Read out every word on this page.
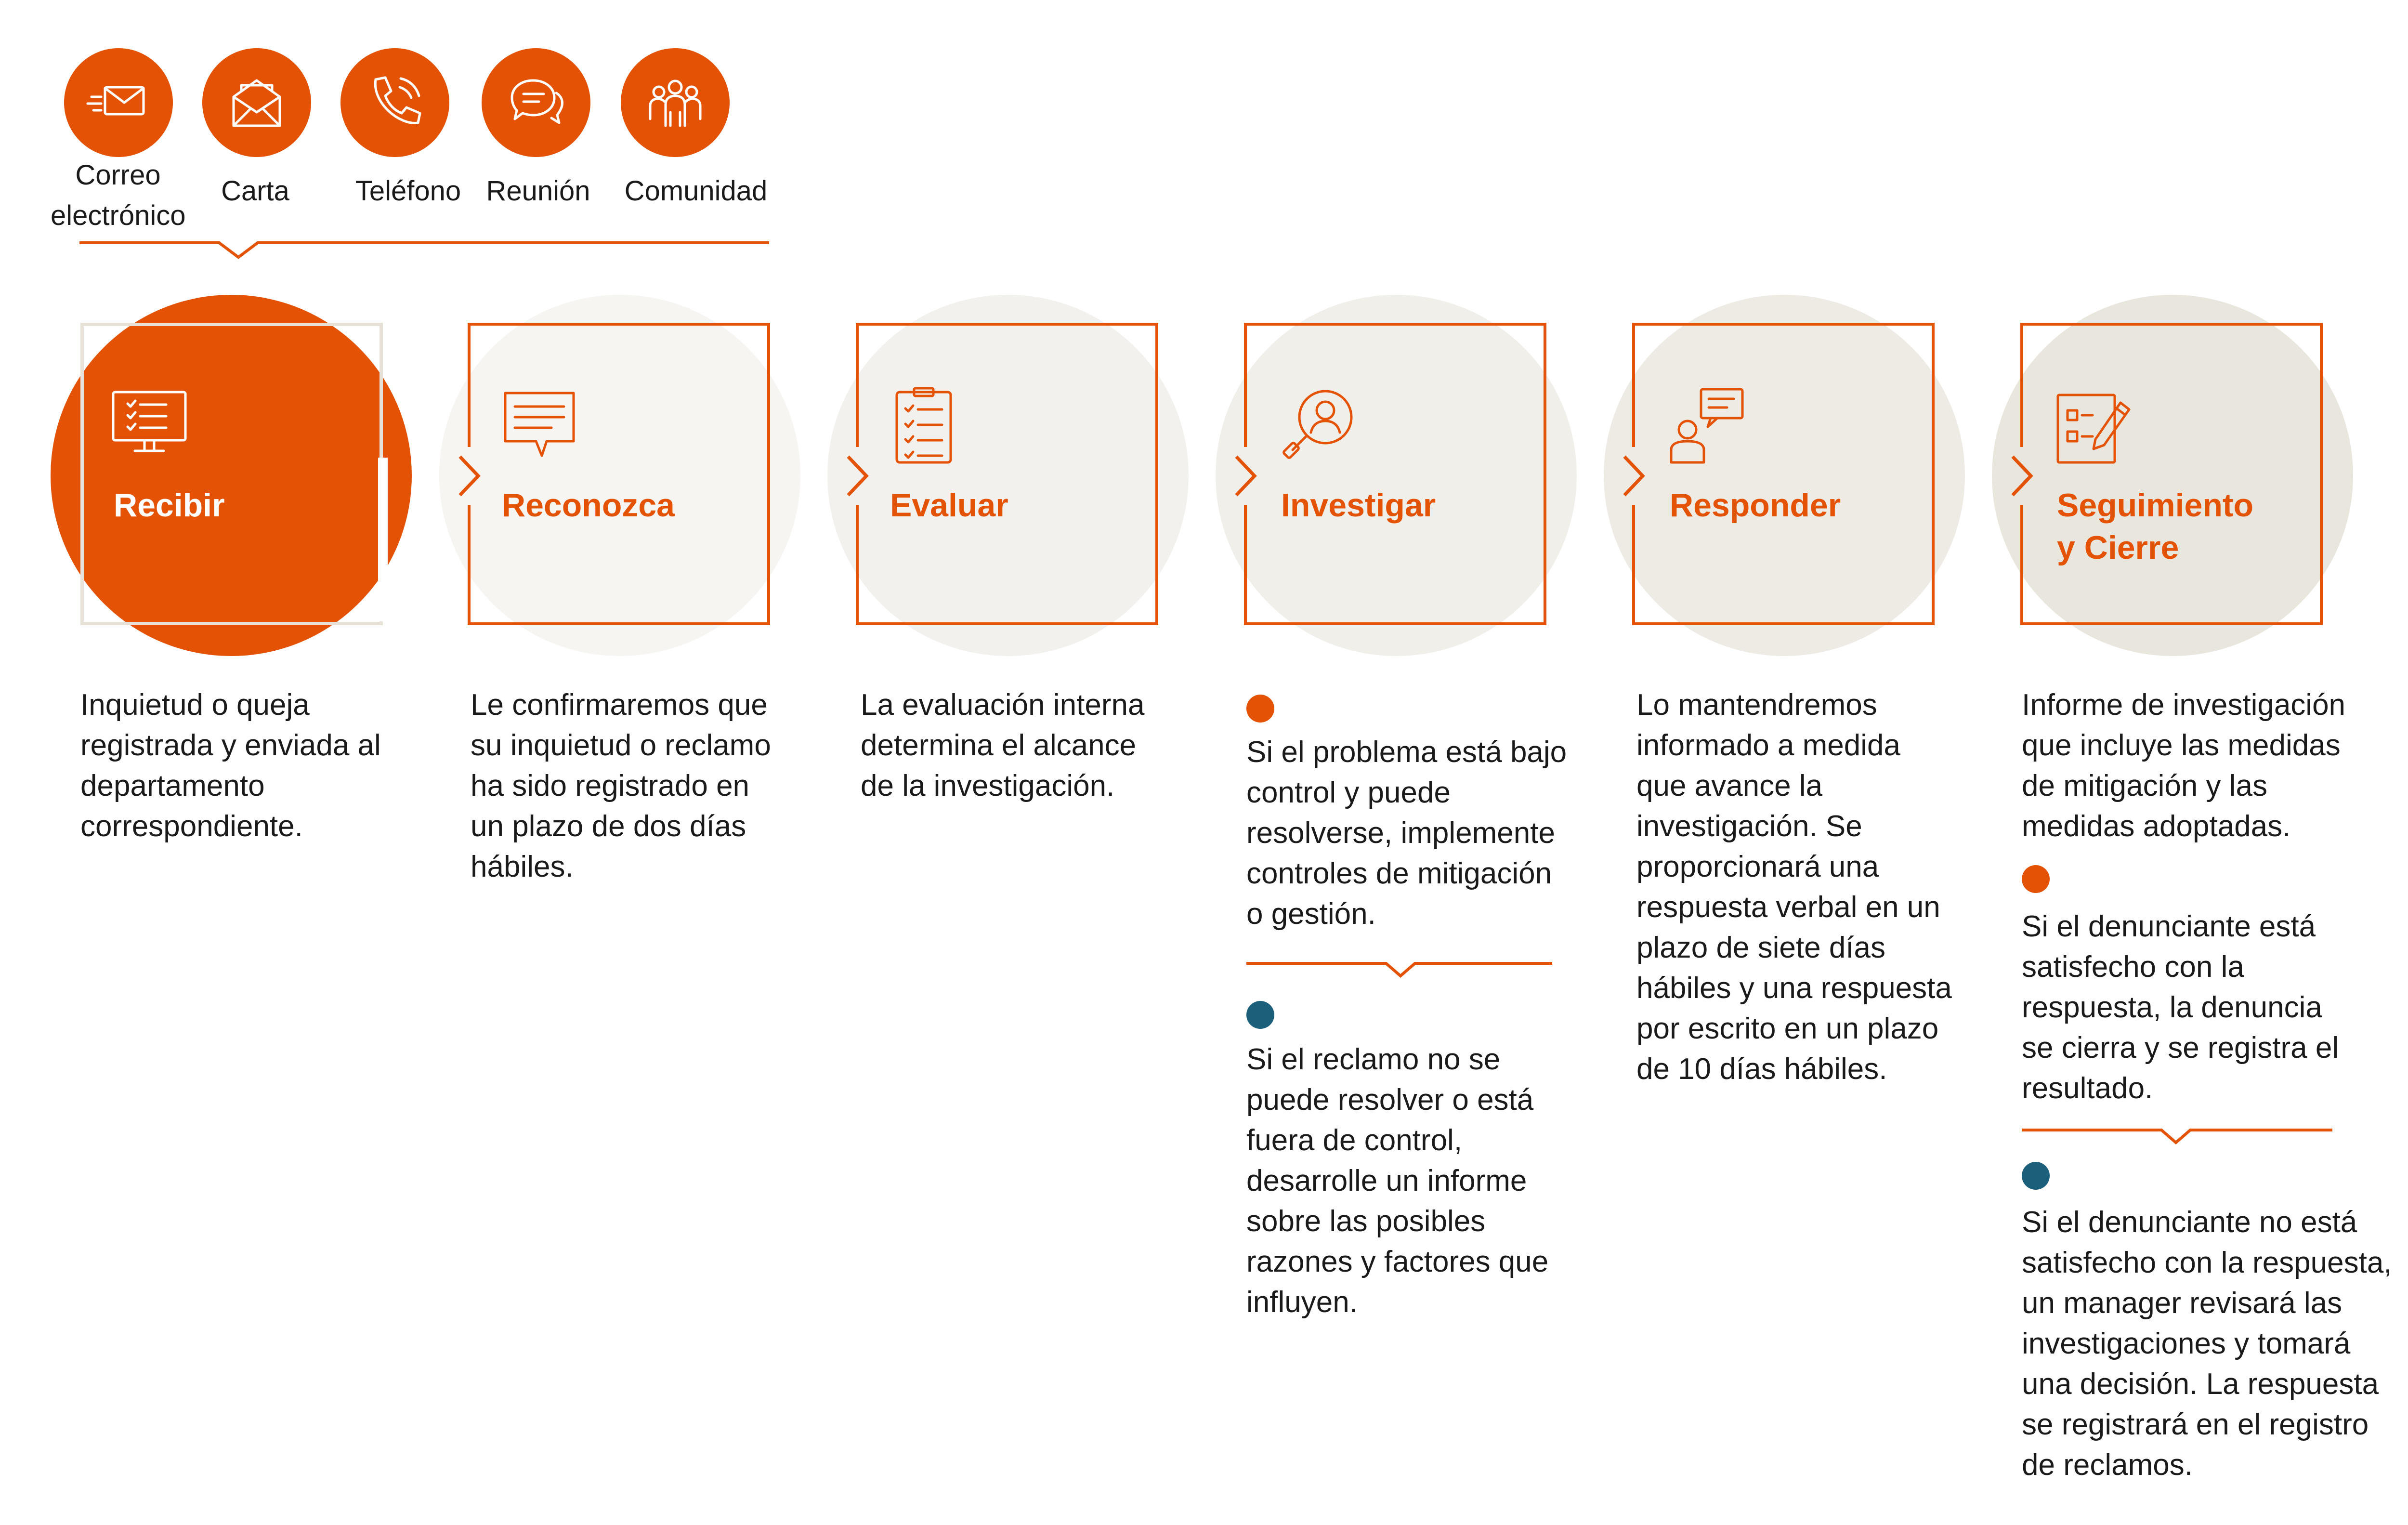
Correo
electrónico
Carta	Teléfono Reunión	Comunidad
Recibir	Reconozca	Evaluar	Investigar	Responder	Seguimiento
y Cierre
Inquietud o queja
registrada y enviada al
departamento
correspondiente.
Le confirmaremos que
su inquietud o reclamo
ha sido registrado en
un plazo de dos días
hábiles.
La evaluación interna
determina el alcance
de la investigación.
Si el problema está bajo
control y puede
resolverse, implemente
controles de mitigación
o gestión.
Si el reclamo no se
puede resolver o está
fuera de control,
desarrolle un informe
sobre las posibles
razones y factores que
influyen.
Lo mantendremos
informado a medida
que avance la
investigación. Se
proporcionará una
respuesta verbal en un
plazo de siete días
hábiles y una respuesta
por escrito en un plazo
de 10 días hábiles.
Informe de investigación
que incluye las medidas
de mitigación y las
medidas adoptadas.
Si el denunciante está
satisfecho con la
respuesta, la denuncia
se cierra y se registra el
resultado.
Si el denunciante no está
satisfecho con la respuesta,
un manager revisará las
investigaciones y tomará
una decisión. La respuesta
se registrará en el registro
de reclamos.
